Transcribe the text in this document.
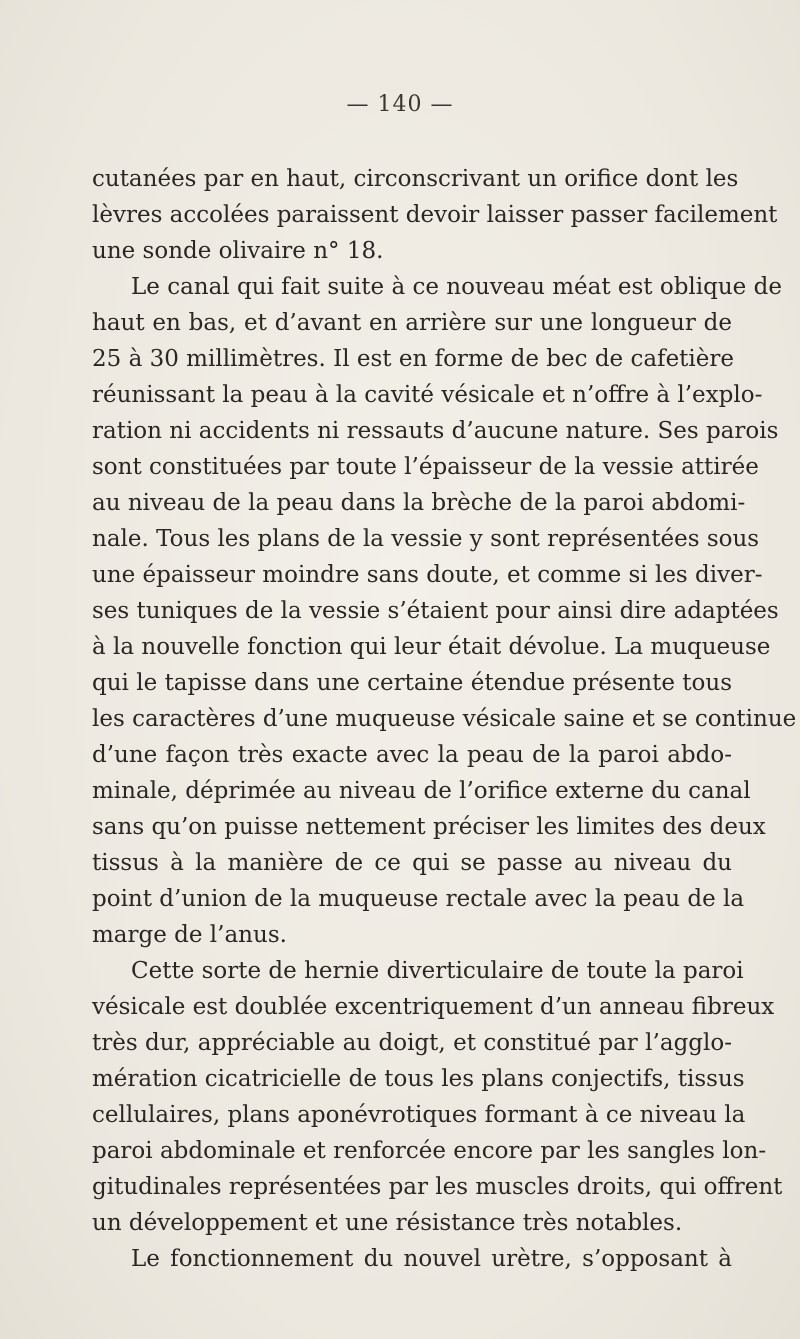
— 140 —
cutanées par en haut, circonscrivant un orifice dont les
lèvres accolées paraissent devoir laisser passer facilement
une sonde olivaire n° 18.
Le canal qui fait suite à ce nouveau méat est oblique de
haut en bas, et d’avant en arrière sur une longueur de
25 à 30 millimètres. Il est en forme de bec de cafetière
réunissant la peau à la cavité vésicale et n’offre à l’explo-
ration ni accidents ni ressauts d’aucune nature. Ses parois
sont constituées par toute l’épaisseur de la vessie attirée
au niveau de la peau dans la brèche de la paroi abdomi-
nale. Tous les plans de la vessie y sont représentées sous
une épaisseur moindre sans doute, et comme si les diver-
ses tuniques de la vessie s’étaient pour ainsi dire adaptées
à la nouvelle fonction qui leur était dévolue. La muqueuse
qui le tapisse dans une certaine étendue présente tous
les caractères d’une muqueuse vésicale saine et se continue
d’une façon très exacte avec la peau de la paroi abdo-
minale, déprimée au niveau de l’orifice externe du canal
sans qu’on puisse nettement préciser les limites des deux
tissus à la manière de ce qui se passe au niveau du
point d’union de la muqueuse rectale avec la peau de la
marge de l’anus.
Cette sorte de hernie diverticulaire de toute la paroi
vésicale est doublée excentriquement d’un anneau fibreux
très dur, appréciable au doigt, et constitué par l’agglo-
mération cicatricielle de tous les plans conjectifs, tissus
cellulaires, plans aponévrotiques formant à ce niveau la
paroi abdominale et renforcée encore par les sangles lon-
gitudinales représentées par les muscles droits, qui offrent
un développement et une résistance très notables.
Le fonctionnement du nouvel urètre, s’opposant à
